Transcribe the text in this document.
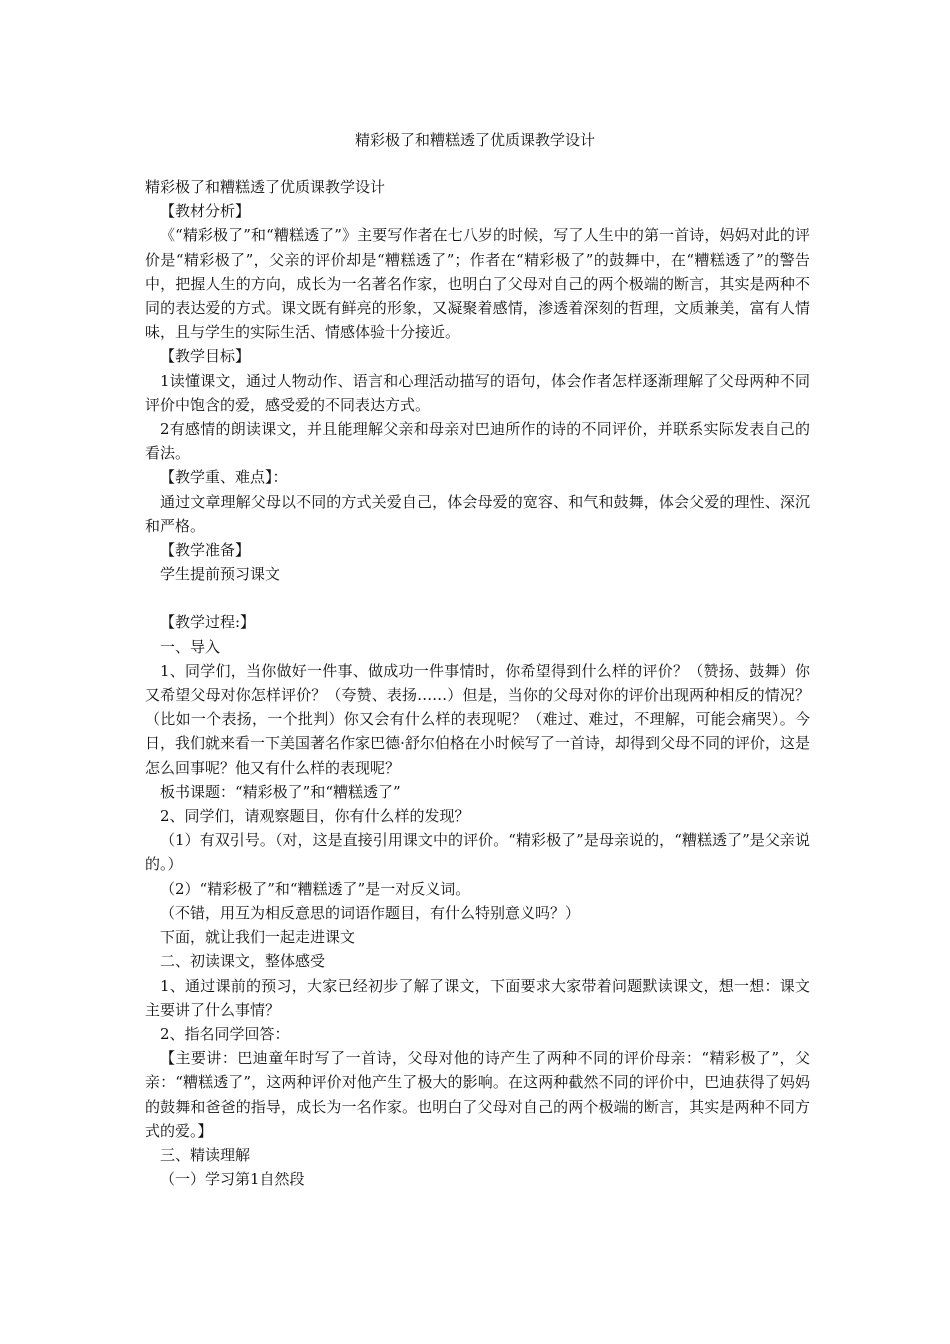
精彩极了和糟糕透了优质课教学设计

精彩极了和糟糕透了优质课教学设计

【教材分析】

《“精彩极了”和“糟糕透了”》主要写作者在七八岁的时候，写了人生中的第一首诗，妈妈对此的评价是“精彩极了”，父亲的评价却是“糟糕透了”；作者在“精彩极了”的鼓舞中，在“糟糕透了”的警告中，把握人生的方向，成长为一名著名作家，也明白了父母对自己的两个极端的断言，其实是两种不同的表达爱的方式。课文既有鲜亮的形象，又凝聚着感情，渗透着深刻的哲理，文质兼美，富有人情味，且与学生的实际生活、情感体验十分接近。

【教学目标】

1读懂课文，通过人物动作、语言和心理活动描写的语句，体会作者怎样逐渐理解了父母两种不同评价中饱含的爱，感受爱的不同表达方式。

2有感情的朗读课文，并且能理解父亲和母亲对巴迪所作的诗的不同评价，并联系实际发表自己的看法。

【教学重、难点】：

通过文章理解父母以不同的方式关爱自己，体会母爱的宽容、和气和鼓舞，体会父爱的理性、深沉和严格。

【教学准备】

学生提前预习课文

【教学过程:】

一、导入

1、同学们，当你做好一件事、做成功一件事情时，你希望得到什么样的评价？（赞扬、鼓舞）你又希望父母对你怎样评价？（夸赞、表扬……）但是，当你的父母对你的评价出现两种相反的情况？（比如一个表扬，一个批判）你又会有什么样的表现呢？（难过、难过，不理解，可能会痛哭）。今日，我们就来看一下美国著名作家巴德·舒尔伯格在小时候写了一首诗，却得到父母不同的评价，这是怎么回事呢？他又有什么样的表现呢？

板书课题：“精彩极了”和“糟糕透了”

2、同学们，请观察题目，你有什么样的发现？

（1）有双引号。（对，这是直接引用课文中的评价。“精彩极了”是母亲说的，“糟糕透了”是父亲说的。）

（2）“精彩极了”和“糟糕透了”是一对反义词。

（不错，用互为相反意思的词语作题目，有什么特别意义吗？）

下面，就让我们一起走进课文

二、初读课文，整体感受

1、通过课前的预习，大家已经初步了解了课文，下面要求大家带着问题默读课文，想一想：课文主要讲了什么事情？

2、指名同学回答：

【主要讲：巴迪童年时写了一首诗，父母对他的诗产生了两种不同的评价母亲：“精彩极了”，父亲：“糟糕透了”，这两种评价对他产生了极大的影响。在这两种截然不同的评价中，巴迪获得了妈妈的鼓舞和爸爸的指导，成长为一名作家。也明白了父母对自己的两个极端的断言，其实是两种不同方式的爱。】

三、精读理解

（一）学习第1自然段
